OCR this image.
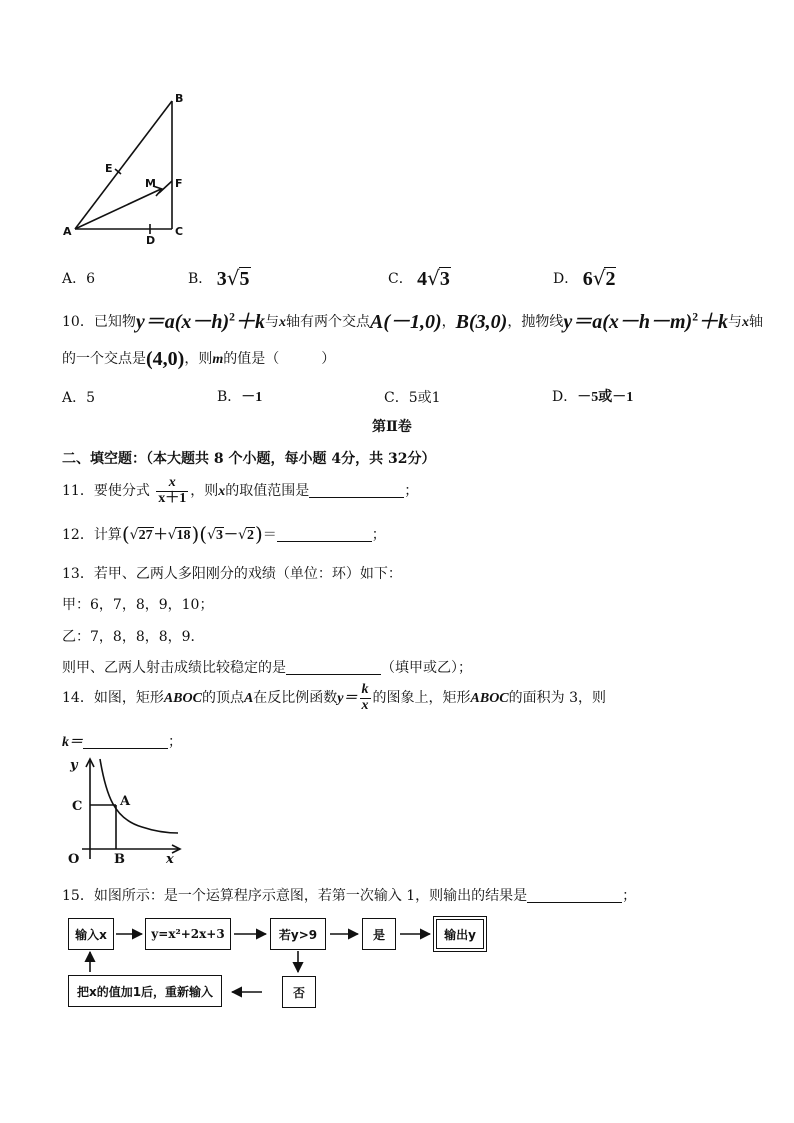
B
E
M F
A
D
C
A．6	B． 3√5	C． 4√3	D． 6√2
10．已知物$y=a(x-h)^2+k$与x轴有两个交点A(－1,0)，B(3,0)，抛物线$y=a(x-h-m)^2+k$与x轴
的一个交点是(4,0)，则m的值是（　　　）
A．5	B．－1	C．5或1	D．－5或－1
第Ⅱ卷
二、填空题：（本大题共 8 个小题，每小题 4分，共 32分）
11．要使分式 $\frac{x}{x+1}$ ，则x的取值范围是	；
12．计算(√27＋√18)(√3－√2)＝	；
13．若甲、乙两人多阳刚分的戏绩（单位：环）如下：
甲：6，7，8，9，10；
乙：7，8，8，8，9．
则甲、乙两人射击成绩比较稳定的是	（填甲或乙）；
14．如图，矩形ABOC的顶点A在反比例函数$y= \frac{k}{x}$ 的图象上，矩形ABOC的面积为 3，则
k＝	；
y
C	A
O	B	x
15．如图所示：是一个运算程序示意图，若第一次输入 1，则输出的结果是	；
输入x	y=x²+2x+3	若y>9	是	输出y
否
把x的值加1后，重新输入
